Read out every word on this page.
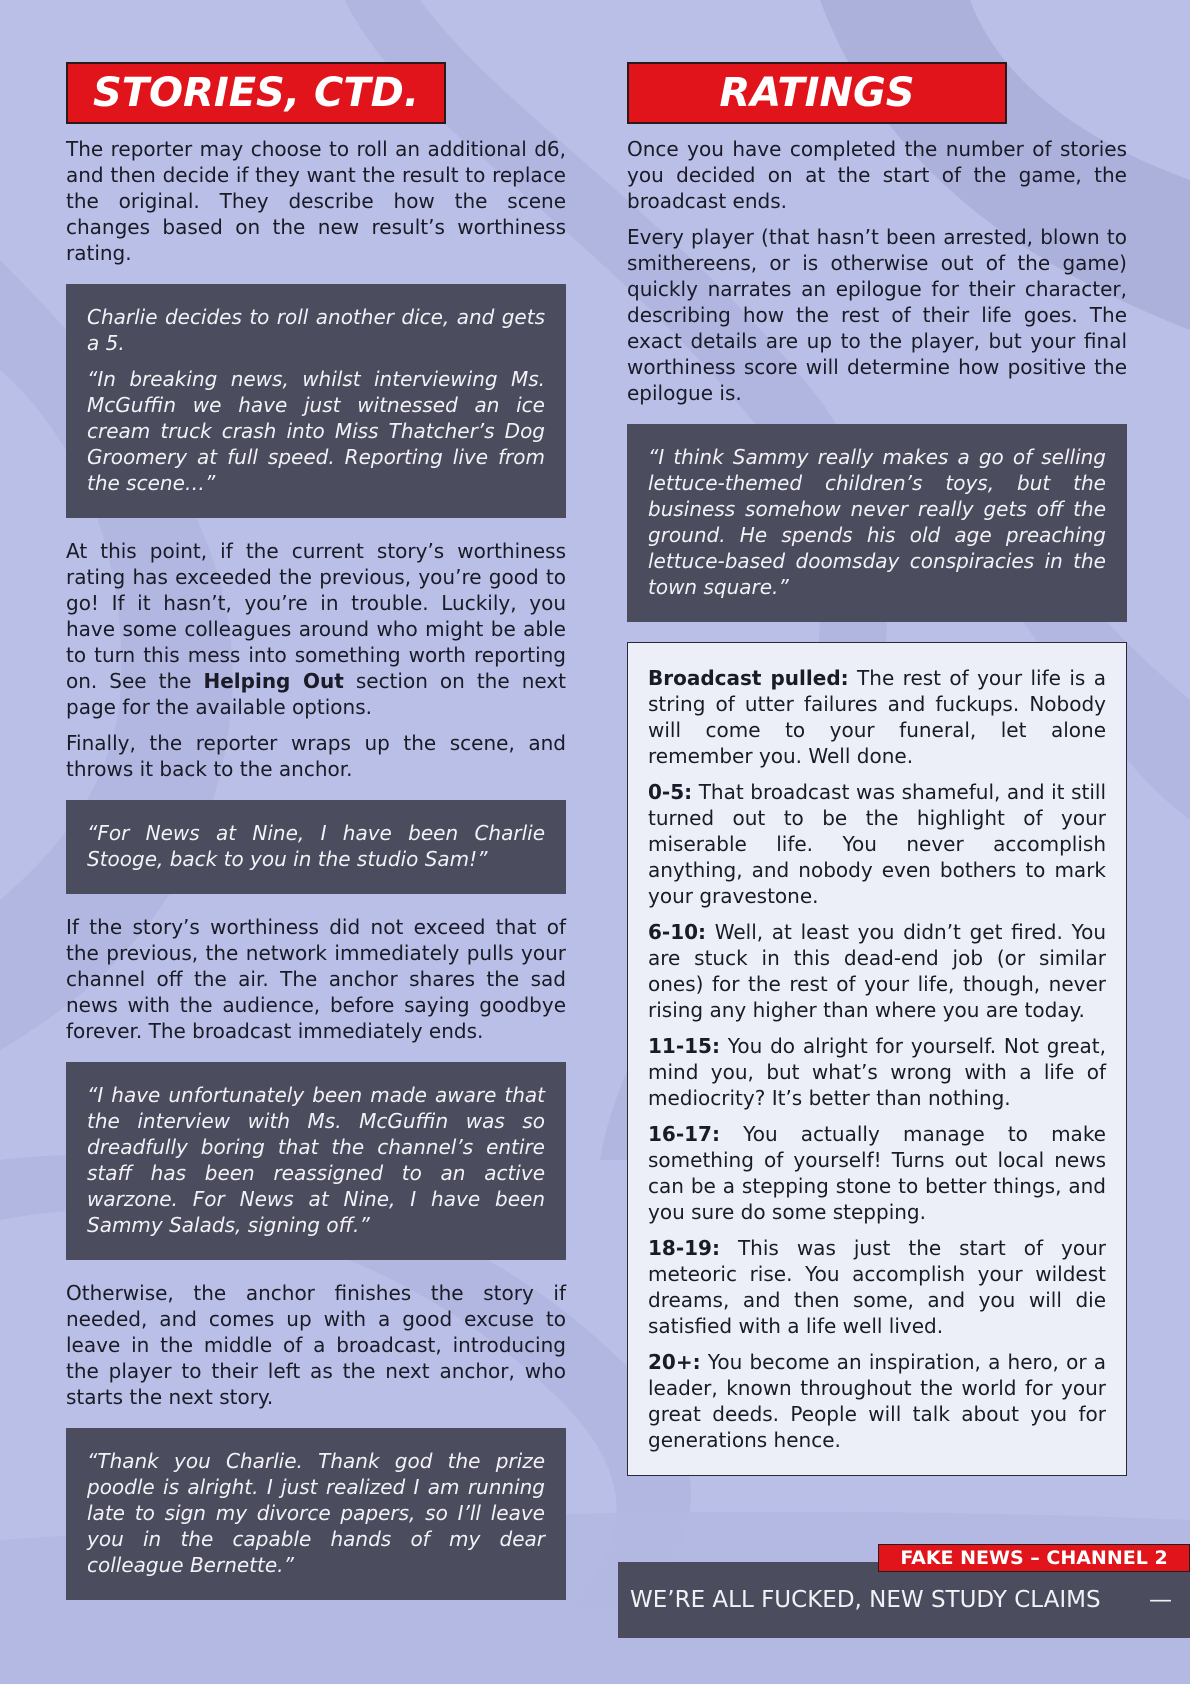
STORIES, CTD.

The reporter may choose to roll an additional d6, and then decide if they want the result to replace the original. They describe how the scene changes based on the new result’s worthiness rating.

Charlie decides to roll another dice, and gets a 5.

“In breaking news, whilst interviewing Ms. McGuffin we have just witnessed an ice cream truck crash into Miss Thatcher’s Dog Groomery at full speed. Reporting live from the scene…”

At this point, if the current story’s worthiness rating has exceeded the previous, you’re good to go! If it hasn’t, you’re in trouble. Luckily, you have some colleagues around who might be able to turn this mess into something worth reporting on. See the Helping Out section on the next page for the available options.

Finally, the reporter wraps up the scene, and throws it back to the anchor.

“For News at Nine, I have been Charlie Stooge, back to you in the studio Sam!”

If the story’s worthiness did not exceed that of the previous, the network immediately pulls your channel off the air. The anchor shares the sad news with the audience, before saying goodbye forever. The broadcast immediately ends.

“I have unfortunately been made aware that the interview with Ms. McGuffin was so dreadfully boring that the channel’s entire staff has been reassigned to an active warzone. For News at Nine, I have been Sammy Salads, signing off.”

Otherwise, the anchor finishes the story if needed, and comes up with a good excuse to leave in the middle of a broadcast, introducing the player to their left as the next anchor, who starts the next story.

“Thank you Charlie. Thank god the prize poodle is alright. I just realized I am running late to sign my divorce papers, so I’ll leave you in the capable hands of my dear colleague Bernette.”

RATINGS

Once you have completed the number of stories you decided on at the start of the game, the broadcast ends.

Every player (that hasn’t been arrested, blown to smithereens, or is otherwise out of the game) quickly narrates an epilogue for their character, describing how the rest of their life goes. The exact details are up to the player, but your final worthiness score will determine how positive the epilogue is.

“I think Sammy really makes a go of selling lettuce-themed children’s toys, but the business somehow never really gets off the ground. He spends his old age preaching lettuce-based doomsday conspiracies in the town square.”

Broadcast pulled: The rest of your life is a string of utter failures and fuckups. Nobody will come to your funeral, let alone remember you. Well done.

0-5: That broadcast was shameful, and it still turned out to be the highlight of your miserable life. You never accomplish anything, and nobody even bothers to mark your gravestone.

6-10: Well, at least you didn’t get fired. You are stuck in this dead-end job (or similar ones) for the rest of your life, though, never rising any higher than where you are today.

11-15: You do alright for yourself. Not great, mind you, but what’s wrong with a life of mediocrity? It’s better than nothing.

16-17: You actually manage to make something of yourself! Turns out local news can be a stepping stone to better things, and you sure do some stepping.

18-19: This was just the start of your meteoric rise. You accomplish your wildest dreams, and then some, and you will die satisfied with a life well lived.

20+: You become an inspiration, a hero, or a leader, known throughout the world for your great deeds. People will talk about you for generations hence.

FAKE NEWS – CHANNEL 2
WE’RE ALL FUCKED, NEW STUDY CLAIMS —
